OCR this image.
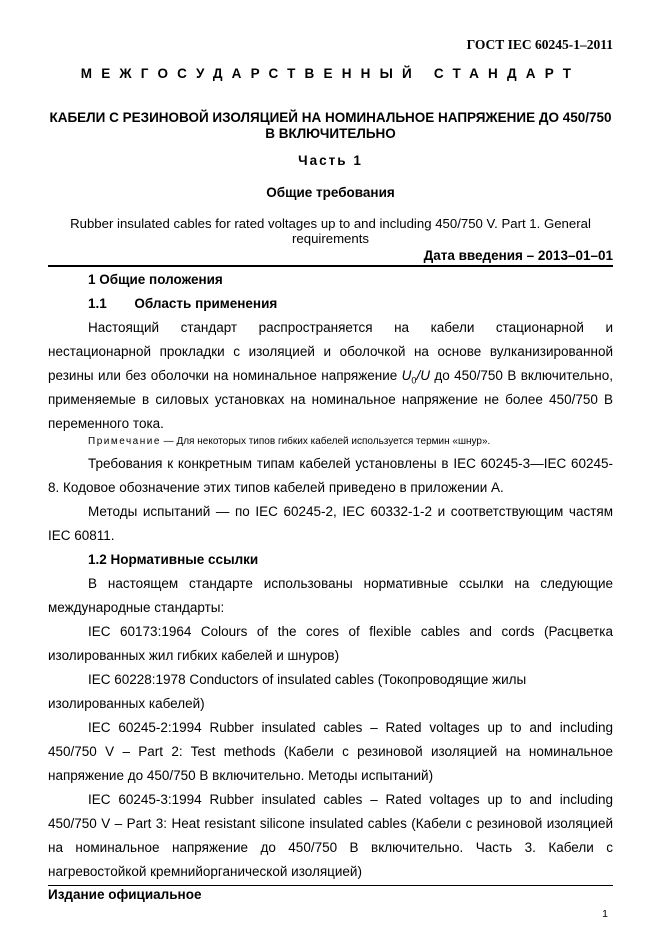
ГОСТ IEC 60245-1–2011
МЕЖГОСУДАРСТВЕННЫЙ СТАНДАРТ
КАБЕЛИ С РЕЗИНОВОЙ ИЗОЛЯЦИЕЙ НА НОМИНАЛЬНОЕ НАПРЯЖЕНИЕ ДО 450/750
В ВКЛЮЧИТЕЛЬНО
Часть 1
Общие требования
Rubber insulated cables for rated voltages up to and including 450/750 V. Part 1. General
requirements
Дата введения – 2013–01–01
1 Общие положения
1.1 Область применения
Настоящий стандарт распространяется на кабели стационарной и
нестационарной прокладки с изоляцией и оболочкой на основе вулканизированной
резины или без оболочки на номинальное напряжение $U_0/U$ до 450/750 В включительно,
применяемые в силовых установках на номинальное напряжение не более 450/750 В
переменного тока.
Примечание — Для некоторых типов гибких кабелей используется термин «шнур».
Требования к конкретным типам кабелей установлены в IEC 60245-3—IEC 60245-
8. Кодовое обозначение этих типов кабелей приведено в приложении А.
Методы испытаний — по IEC 60245-2, IEC 60332-1-2 и соответствующим частям
IEC 60811.
1.2 Нормативные ссылки
В настоящем стандарте использованы нормативные ссылки на следующие
международные стандарты:
IEC 60173:1964 Colours of the cores of flexible cables and cords (Расцветка
изолированных жил гибких кабелей и шнуров)
IEC 60228:1978 Conductors of insulated cables (Токопроводящие жилы
изолированных кабелей)
IEC 60245-2:1994 Rubber insulated cables – Rated voltages up to and including
450/750 V – Part 2: Test methods (Кабели с резиновой изоляцией на номинальное
напряжение до 450/750 В включительно. Методы испытаний)
IEC 60245-3:1994 Rubber insulated cables – Rated voltages up to and including
450/750 V – Part 3: Heat resistant silicone insulated cables (Кабели с резиновой изоляцией
на номинальное напряжение до 450/750 В включительно. Часть 3. Кабели с
нагревостойкой кремнийорганической изоляцией)
Издание официальное
1
